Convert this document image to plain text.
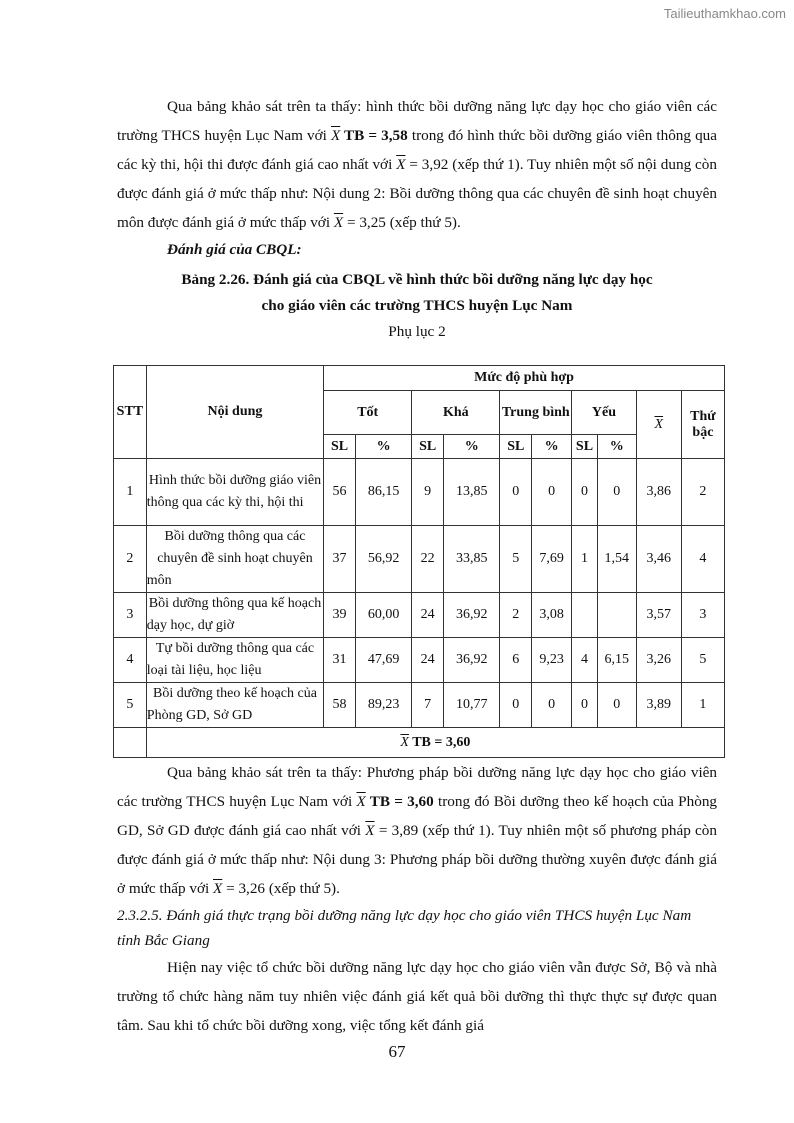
Tailieuthamkhao.com

Qua bảng khảo sát trên ta thấy: hình thức bồi dưỡng năng lực dạy học cho giáo viên các trường THCS huyện Lục Nam với $\overline{X}$ TB = 3,58 trong đó hình thức bồi dưỡng giáo viên thông qua các kỳ thi, hội thi được đánh giá cao nhất với $\overline{X} = 3,92$ (xếp thứ 1). Tuy nhiên một số nội dung còn được đánh giá ở mức thấp như: Nội dung 2: Bồi dưỡng thông qua các chuyên đề sinh hoạt chuyên môn được đánh giá ở mức thấp với $\overline{X} = 3,25$ (xếp thứ 5).

Đánh giá của CBQL:

Bảng 2.26. Đánh giá của CBQL về hình thức bồi dưỡng năng lực dạy học

cho giáo viên các trường THCS huyện Lục Nam

Phụ lục 2

STT	Nội dung	Mức độ phù hợp									
		Tốt		Khá		Trung bình		Yếu		$\overline{X}$	Thứ bậc
		SL	%	SL	%	SL	%	SL	%		
1	Hình thức bồi dưỡng giáo viên thông qua các kỳ thi, hội thi	56	86,15	9	13,85	0	0	0	0	3,86	2
2	Bồi dưỡng thông qua các chuyên đề sinh hoạt chuyên môn	37	56,92	22	33,85	5	7,69	1	1,54	3,46	4
3	Bồi dưỡng thông qua kế hoạch dạy học, dự giờ	39	60,00	24	36,92	2	3,08			3,57	3
4	Tự bồi dưỡng thông qua các loại tài liệu, học liệu	31	47,69	24	36,92	6	9,23	4	6,15	3,26	5
5	Bồi dưỡng theo kế hoạch của Phòng GD, Sở GD	58	89,23	7	10,77	0	0	0	0	3,89	1
	$\overline{X}$ TB = 3,60										

Qua bảng khảo sát trên ta thấy: Phương pháp bồi dưỡng năng lực dạy học cho giáo viên các trường THCS huyện Lục Nam với $\overline{X}$ TB = 3,60 trong đó Bồi dưỡng theo kế hoạch của Phòng GD, Sở GD được đánh giá cao nhất với $\overline{X} = 3,89$ (xếp thứ 1). Tuy nhiên một số phương pháp còn được đánh giá ở mức thấp như: Nội dung 3: Phương pháp bồi dưỡng thường xuyên được đánh giá ở mức thấp với $\overline{X} = 3,26$ (xếp thứ 5).

2.3.2.5. Đánh giá thực trạng bồi dưỡng năng lực dạy học cho giáo viên THCS huyện Lục Nam tỉnh Bắc Giang

Hiện nay việc tổ chức bồi dưỡng năng lực dạy học cho giáo viên vẫn được Sở, Bộ và nhà trường tổ chức hàng năm tuy nhiên việc đánh giá kết quả bồi dưỡng thì thực thực sự được quan tâm. Sau khi tổ chức bồi dưỡng xong, việc tổng kết đánh giá

67
